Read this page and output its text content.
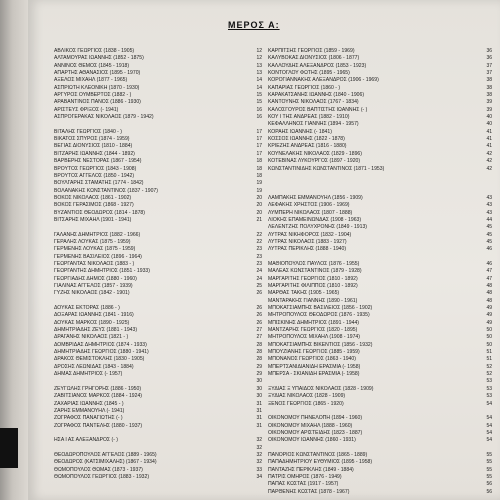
ΜΕΡΟΣ Α:
ΑΒΛΙΚΟΣ ΓΕΩΡΓΙΟΣ (1838 - 1905)	12
ΑΛΤΑΜΟΥΡΑΣ ΙΩΑΝΝΗΣ (1852 - 1875)	12
ΑΝΝΙΝΟΣ ΘΕΜΟΣ (1845 - 1918)	13
ΑΠΑΡΤΗΣ ΑΘΑΝΑΣΙΟΣ (1895 - 1970)	13
ΑΞΕΛΟΣ ΜΙΧΑΗΛ (1877 - 1965)	14
ΑΣΠΡΙΩΤΗ ΚΛΕΟΝΙΚΗ (1870 - 1930)	14
ΑΡΓΥΡΟΣ ΟΥΜΒΕΡΤΟΣ (1882 - )	15
ΑΡΑΒΑΝΤΙΝΟΣ ΠΑΝΟΣ (1886 - 1930)	15
ΑΡΙΣΤΕΥΣ ΦΡΙΞΟΣ (- 1941)	16
ΑΣΠΡΟΓΕΡΑΚΑΣ ΝΙΚΟΛΑΟΣ (1879 - 1942)	16
ΒΙΤΑΛΗΣ ΓΕΩΡΓΙΟΣ (1840 - )	17
ΒΙΚΑΤΟΣ ΣΠΥΡΟΣ (1874 - 1959)	17
ΒΕΓΙΑΣ ΔΙΟΝΥΣΙΟΣ (1810 - 1884)	17
ΒΙΤΖΑΡΗΣ ΙΩΑΝΝΗΣ (1844 - 1892)	17
ΒΑΡΒΕΡΗΣ ΝΕΣΤΟΡΑΣ (1867 - 1954)	18
ΒΡΟΥΤΟΣ ΓΕΩΡΓΙΟΣ (1843 - 1908)	18
ΒΡΟΥΤΟΣ ΑΓΓΕΛΟΣ (1850 - 1942)	18
ΒΟΥΛΓΑΡΗΣ ΣΤΑΜΑΤΗΣ (1774 - 1842)	19
ΒΟΛΑΝΑΚΗΣ ΚΩΝΣΤΑΝΤΙΝΟΣ (1837 - 1907)	19
ΒΟΚΟΣ ΝΙΚΟΛΑΟΣ (1861 - 1902)	20
ΒΟΚΟΣ ΓΕΡΑΣΙΜΟΣ (1868 - 1927)	20
ΒΥΖΑΝΤΙΟΣ ΘΕΟΔΩΡΟΣ (1814 - 1878)	20
ΒΙΤΣΑΡΗΣ ΜΙΧΑΗΛ (1901 - 1941)	21
ΓΑΛΑΝΗΣ ΔΗΜΗΤΡΙΟΣ (1882 - 1966)	22
ΓΕΡΑΛΗΣ ΛΟΥΚΑΣ (1875 - 1959)	22
ΓΕΡΜΕΝΗΣ ΛΟΥΚΑΣ (1875 - 1959)	23
ΓΕΡΜΕΝΗΣ ΒΑΣΙΛΕΙΟΣ (1896 - 1964)	23
ΓΕΩΡΓΑΝΤΑΣ ΝΙΚΟΛΑΟΣ (1883 - )	23
ΓΕΩΡΓΑΝΤΗΣ ΔΗΜΗΤΡΙΟΣ (1851 - 1933)	24
ΓΕΩΡΓΙΑΔΗΣ ΔΗΜΟΣ (1880 - 1960)	24
ΓΙΑΛΙΝΑΣ ΑΓΓΕΛΟΣ (1857 - 1939)	25
ΓΥΖΗΣ ΝΙΚΟΛΑΟΣ (1842 - 1901)	26
ΔΟΥΚΑΣ ΕΚΤΟΡΑΣ (1886 - )	26
ΔΟΞΑΡΑΣ ΙΩΑΝΝΗΣ (1841 - 1916)	26
ΔΟΥΚΑΣ ΜΑΡΚΟΣ (1890 - 1925)	26
ΔΗΜΗΤΡΙΑΔΗΣ ΖΕΥΣ (1881 - 1943)	27
ΔΡΑΓΑΝΗΣ ΝΙΚΟΛΑΟΣ (1821 - )	27
ΔΟΜΒΡΙΔΑΣ ΔΗΜΗΤΡΙΟΣ (1874 - 1933)	28
ΔΗΜΗΤΡΙΑΔΗΣ ΓΕΩΡΓΙΟΣ (1880 - 1941)	28
ΔΡΑΚΟΣ ΘΕΜΙΣΤΟΚΛΗΣ (1830 - 1905)	28
ΔΡΟΣΗΣ ΛΕΩΝΙΔΑΣ (1843 - 1884)	29
ΔΗΜΑΣ ΔΗΜΗΤΡΙΟΣ (- 1957)	29
30
ΖΕΥΓΩΛΗΣ ΓΡΗΓΟΡΗΣ (1886 - 1950)	30
ΖΑΒΙΤΣΙΑΝΟΣ ΜΑΡΚΟΣ (1884 - 1924)	30
ΖΑΧΑΡΙΑΣ ΙΩΑΝΝΗΣ (1845 - )	31
ΖΑΡΗΣ ΕΜΜΑΝΟΥΗΛ (- 1941)	31
ΖΩΓΡΑΦΟΣ ΠΑΝΑΓΙΩΤΗΣ (- )	31
ΖΩΓΡΑΦΟΣ ΠΑΝΤΕΛΗΣ (1880 - 1937)	31
ΗΣΑ Ι ΑΣ ΑΛΕΞΑΝΔΡΟΣ (- )	32
32
ΘΕΟΔΩΡΟΠΟΥΛΟΣ ΑΓΓΕΛΟΣ (1889 - 1965)	32
ΘΕΟΔΩΡΟΣ (ΚΑΤΣΙΜΙΧΑΛΗΣ) (1867 - 1934)	32
ΘΩΜΟΠΟΥΛΟΣ ΘΩΜΑΣ (1873 - 1937)	33
ΘΩΜΟΠΟΥΛΟΣ ΓΕΩΡΓΙΟΣ (1883 - 1932)	34
ΚΑΡΠΙΤΣΗΣ ΓΕΩΡΓΙΟΣ (1859 - 1969)	36
ΚΑΛΥΒΟΚΑΣ ΔΙΟΝΥΣΙΟΣ (1806 - 1877)	36
ΚΑΛΛΟΥΔΗΣ ΑΛΕΞΑΝΔΡΟΣ (1853 - 1923)	37
ΚΟΝΤΟΓΛΟΥ ΦΩΤΗΣ (1895 - 1965)	37
ΚΟΡΟΓΙΑΝΝΑΚΗΣ ΑΛΕΞΑΝΔΡΟΣ (1906 - 1969)	38
ΚΑΠΑΡΙΑΣ ΓΕΩΡΓΙΟΣ (1860 - )	38
ΚΑΡΑΚΑΤΣΑΝΗΣ ΙΩΑΝΝΗΣ (1840 - 1906)	38
ΚΑΝΤΟΥΝΗΣ ΝΙΚΟΛΑΟΣ (1767 - 1834)	39
ΚΑΛΟΣΓΟΥΡΟΣ ΒΑΠΤΙΣΤΗΣ ΙΩΑΝΝΗΣ (- )	39
ΚΟΥ Ι ΤΗΣ ΑΝΔΡΕΑΣ (1882 - 1910)	40
ΚΕΦΑΛΛΗΝΟΣ ΓΙΑΝΝΗΣ (1894 - 1957)	40
ΚΟΡΑΗΣ ΙΩΑΝΝΗΣ (- 1841)	41
ΚΟΣΣΟΣ ΙΩΑΝΝΗΣ (1822 - 1878)	41
ΚΡΙΕΖΗΣ ΑΝΔΡΕΑΣ (1816 - 1880)	41
ΚΟΥΝΕΛΑΚΗΣ ΝΙΚΟΛΑΟΣ (1829 - 1896)	42
ΚΟΤΕΒΙΝΑΣ ΛΥΚΟΥΡΓΟΣ (1897 - 1920)	42
ΚΩΝΣΤΑΝΤΙΝΙΔΗΣ ΚΩΝΣΤΑΝΤΙΝΟΣ (1871 - 1953)	42
ΛΑΜΠΑΚΗΣ ΕΜΜΑΝΟΥΗΛ (1856 - 1909)	43
ΛΕΦΑΚΗΣ ΧΡΗΣΤΟΣ (1906 - 1969)	43
ΛΥΜΠΕΡΗ ΝΙΚΟΛΑΟΣ (1807 - 1888)	43
ΛΙΟΚΗΣ ΕΠΑΜΕΙΝΩΝΔΑΣ (1908 - 1963)	44
ΛΕΛΕΝΤΖΗΣ ΠΟΛΥΧΡΟΝΗΣ (1849 - 1913)	45
ΛΥΤΡΑΣ ΝΙΚΗΦΟΡΟΣ (1832 - 1904)	45
ΛΥΤΡΑΣ ΝΙΚΟΛΑΟΣ (1883 - 1927)	45
ΛΥΤΡΑΣ ΠΕΡΙΚΛΗΣ (1888 - 1940)	46
ΜΑΘΙΟΠΟΥΛΟΣ ΠΑΥΛΟΣ (1876 - 1955)	46
ΜΑΛΕΑΣ ΚΩΝΣΤΑΝΤΙΝΟΣ (1879 - 1928)	47
ΜΑΡΓΑΡΙΤΗΣ ΓΕΩΡΓΙΟΣ (1810 - 1892)	47
ΜΑΡΓΑΡΙΤΗΣ ΦΙΛΙΠΠΟΣ (1810 - 1892)	48
ΜΑΡΘΑΣ ΤΑΚΗΣ (1905 - 1965)	48
ΜΑΝΤΑΡΑΚΗΣ ΓΙΑΝΝΗΣ (1890 - 1961)	48
ΜΠΟΚΑΤΣΙΑΜΠΗΣ ΒΑΣΙΛΕΙΟΣ (1856 - 1902)	49
ΜΗΤΡΟΠΟΥΛΟΣ ΘΕΟΔΩΡΟΣ (1876 - 1935)	49
ΜΠΙΣΚΙΝΗΣ ΔΗΜΗΤΡΙΟΣ (1891 - 1944)	49
ΜΑΝΤΖΑΡΗΣ ΓΕΩΡΓΙΟΣ (1820 - 1895)	50
ΜΗΤΡΟΠΟΥΛΟΣ ΜΙΧΑΗΛ (1908 - 1974)	50
ΜΠΟΚΑΤΣΙΑΜΠΗΣ ΒΙΚΕΝΤΙΟΣ (1856 - 1932)	50
ΜΠΟΥΖΙΑΝΗΣ ΓΕΩΡΓΙΟΣ (1885 - 1959)	51
ΜΠΟΝΑΝΟΣ ΓΕΩΡΓΙΟΣ (1863 - 1940)	51
ΜΠΕΡΤΣΑΝΙΔΙΑΝΙΔΗ ΕΡΑΣΜΙΑ (- 1958)	52
ΜΠΕΡΣΑ - ΣΚΙΑΝΙΔΗ ΕΡΑΣΜΙΑ (- 1958)	52
53
ΞΥΔΙΑΣ Ξ ΥΠΑΙΔΟΣ ΝΙΚΟΛΑΟΣ (1828 - 1909)	53
ΞΥΔΙΑΣ ΝΙΚΟΛΑΟΣ (1828 - 1909)	53
ΞΕΝΟΣ ΓΕΩΡΓΙΟΣ (1865 - 1920)	54
ΟΙΚΟΝΟΜΟΥ ΠΗΝΕΛΟΠΗ (1894 - 1960)	54
ΟΙΚΟΝΟΜΟΥ ΜΙΧΑΗΛ (1888 - 1960)	54
ΟΙΚΟΝΟΜΟΥ ΑΡΙΣΤΕΙΔΗΣ (1823 - 1887)	54
ΟΙΚΟΝΟΜΟΥ ΙΩΑΝΝΗΣ (1860 - 1931)	54
ΠΑΝΟΡΙΟΣ ΚΩΝΣΤΑΝΤΙΝΟΣ (1865 - 1889)	55
ΠΑΠΑΔΗΜΗΤΡΙΟΥ ΕΥΘΥΜΙΟΣ (1895 - 1958)	55
ΠΑΝΤΑΖΗΣ ΠΕΡΙΚΛΗΣ (1849 - 1884)	55
ΠΑΤΡΙΣ ΟΜΗΡΟΣ (1876 - 1949)	55
ΠΑΠΑΣ ΚΩΣΤΑΣ (1917 - 1957)	56
ΠΑΡΘΕΝΗΣ ΚΩΣΤΑΣ (1878 - 1967)	56
